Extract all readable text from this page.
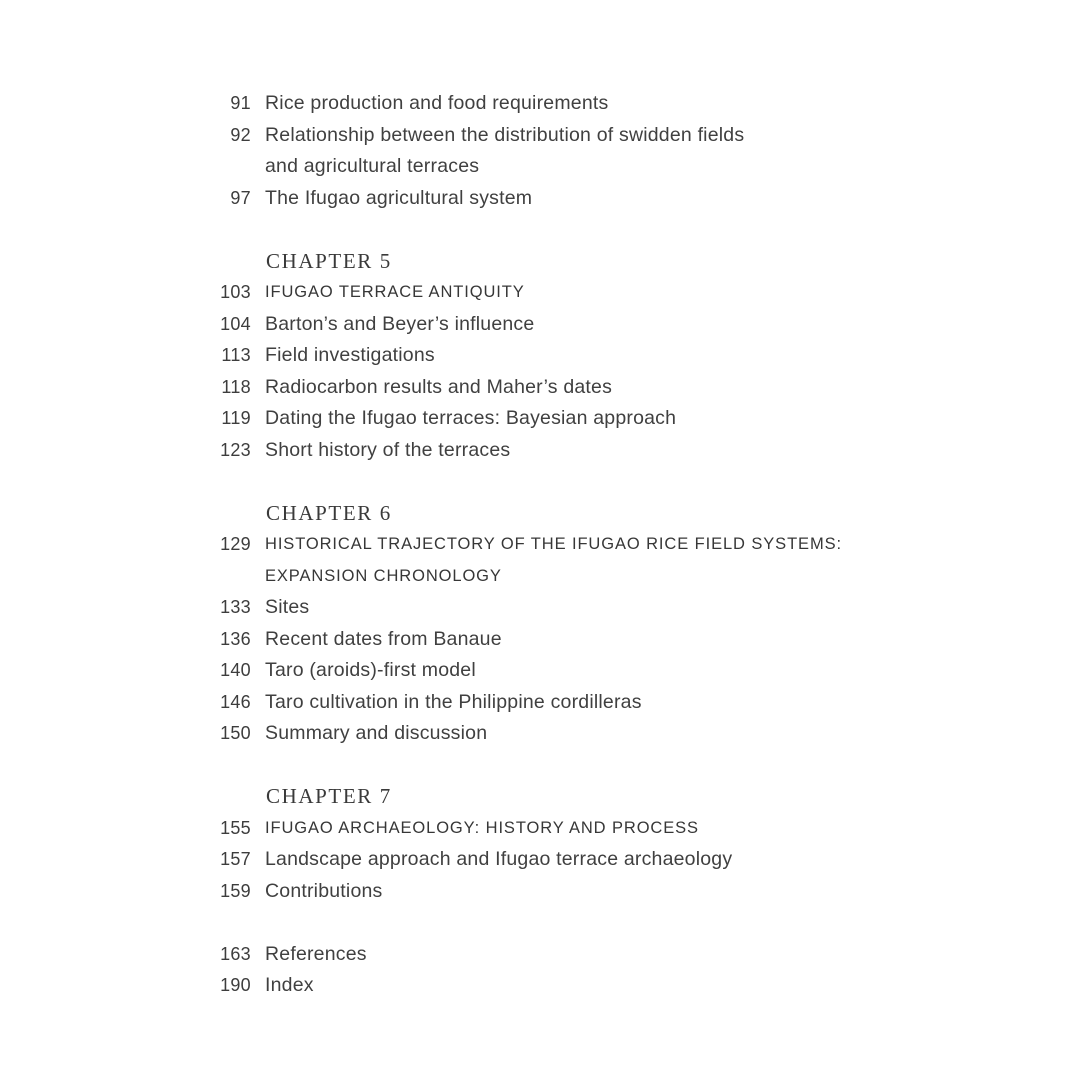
91 Rice production and food requirements
92 Relationship between the distribution of swidden fields
and agricultural terraces
97 The Ifugao agricultural system
CHAPTER 5
103 IFUGAO TERRACE ANTIQUITY
104 Barton’s and Beyer’s influence
113 Field investigations
118 Radiocarbon results and Maher’s dates
119 Dating the Ifugao terraces: Bayesian approach
123 Short history of the terraces
CHAPTER 6
129 HISTORICAL TRAJECTORY OF THE IFUGAO RICE FIELD SYSTEMS:
EXPANSION CHRONOLOGY
133 Sites
136 Recent dates from Banaue
140 Taro (aroids)-first model
146 Taro cultivation in the Philippine cordilleras
150 Summary and discussion
CHAPTER 7
155 IFUGAO ARCHAEOLOGY: HISTORY AND PROCESS
157 Landscape approach and Ifugao terrace archaeology
159 Contributions
163 References
190 Index
